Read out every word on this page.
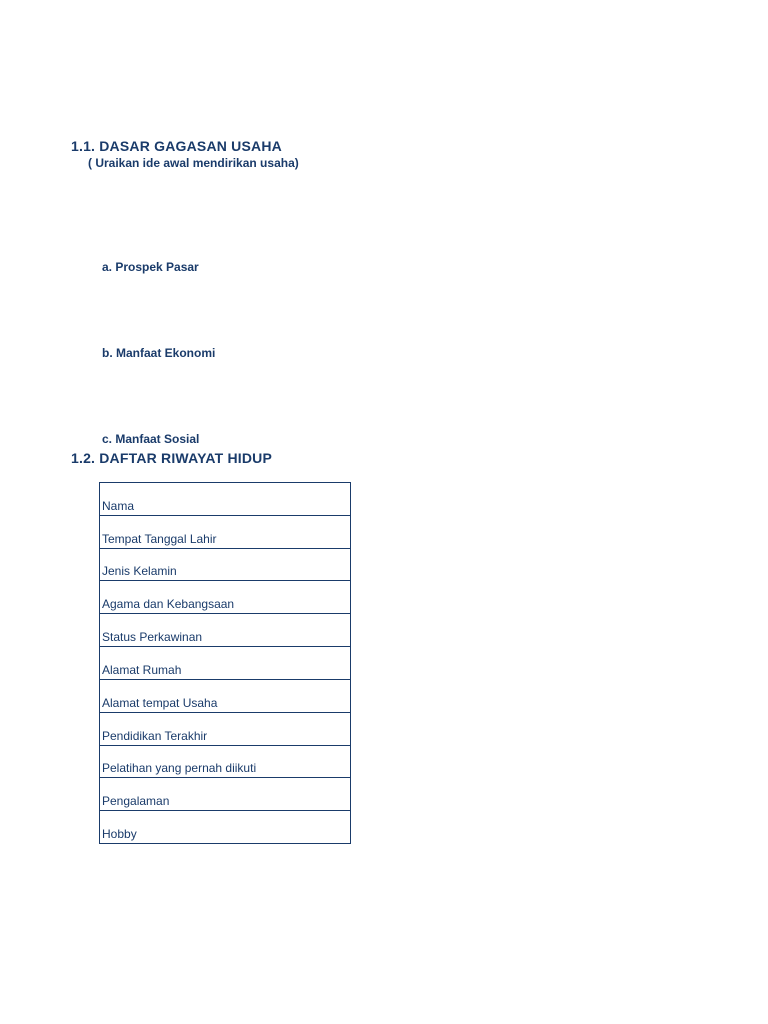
1.1. DASAR GAGASAN USAHA
( Uraikan ide awal mendirikan usaha)
a. Prospek Pasar
b. Manfaat Ekonomi
c. Manfaat Sosial
1.2. DAFTAR RIWAYAT HIDUP
Nama
Tempat Tanggal Lahir
Jenis Kelamin
Agama dan Kebangsaan
Status Perkawinan
Alamat Rumah
Alamat tempat Usaha
Pendidikan Terakhir
Pelatihan yang pernah diikuti
Pengalaman
Hobby
